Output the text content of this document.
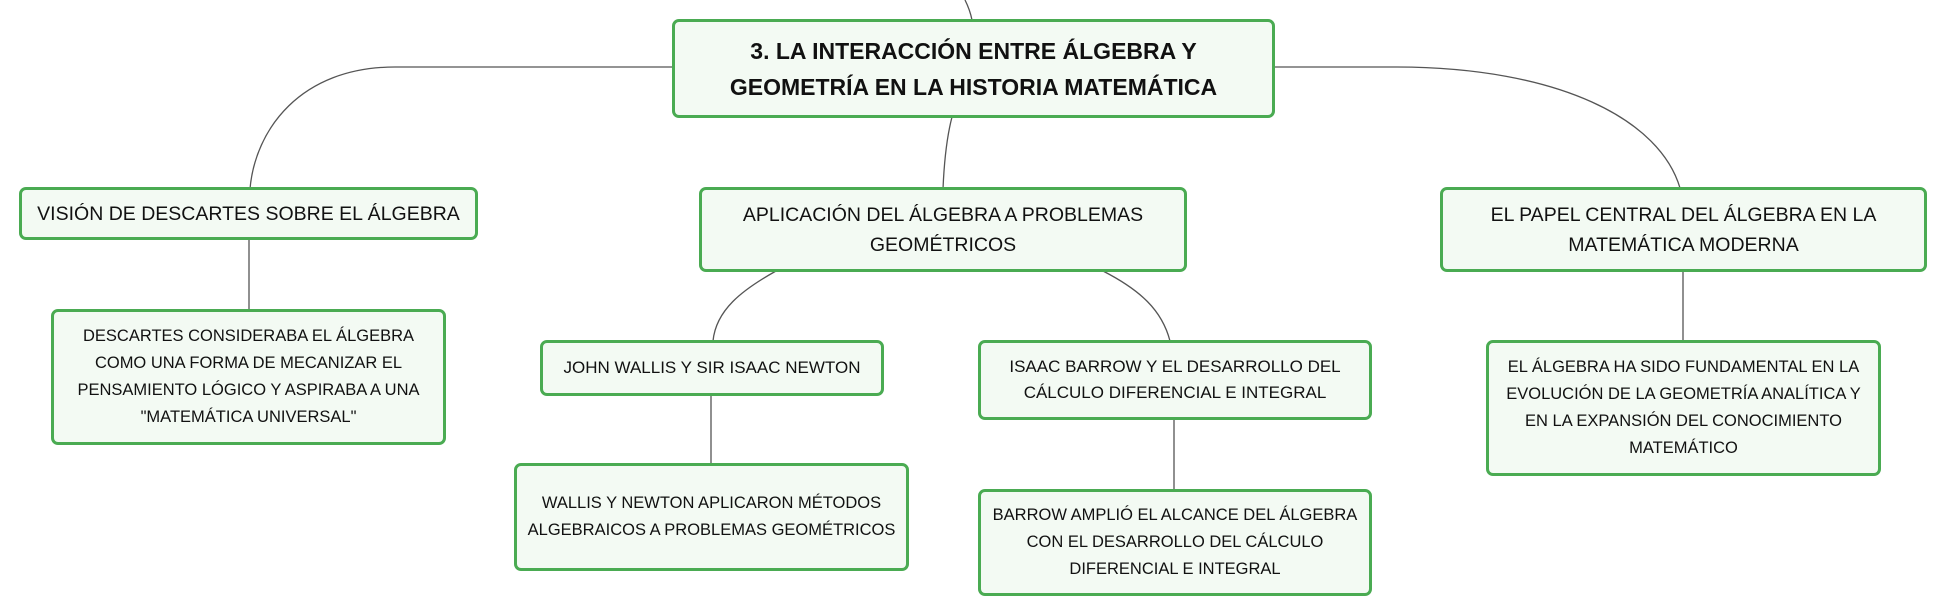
3. LA INTERACCIÓN ENTRE ÁLGEBRA Y GEOMETRÍA EN LA HISTORIA MATEMÁTICA
VISIÓN DE DESCARTES SOBRE EL ÁLGEBRA
DESCARTES CONSIDERABA EL ÁLGEBRA COMO UNA FORMA DE MECANIZAR EL PENSAMIENTO LÓGICO Y ASPIRABA A UNA "MATEMÁTICA UNIVERSAL"
APLICACIÓN DEL ÁLGEBRA A PROBLEMAS GEOMÉTRICOS
JOHN WALLIS Y SIR ISAAC NEWTON
WALLIS Y NEWTON APLICARON MÉTODOS ALGEBRAICOS A PROBLEMAS GEOMÉTRICOS
ISAAC BARROW Y EL DESARROLLO DEL CÁLCULO DIFERENCIAL E INTEGRAL
BARROW AMPLIÓ EL ALCANCE DEL ÁLGEBRA CON EL DESARROLLO DEL CÁLCULO DIFERENCIAL E INTEGRAL
EL PAPEL CENTRAL DEL ÁLGEBRA EN LA MATEMÁTICA MODERNA
EL ÁLGEBRA HA SIDO FUNDAMENTAL EN LA EVOLUCIÓN DE LA GEOMETRÍA ANALÍTICA Y EN LA EXPANSIÓN DEL CONOCIMIENTO MATEMÁTICO
